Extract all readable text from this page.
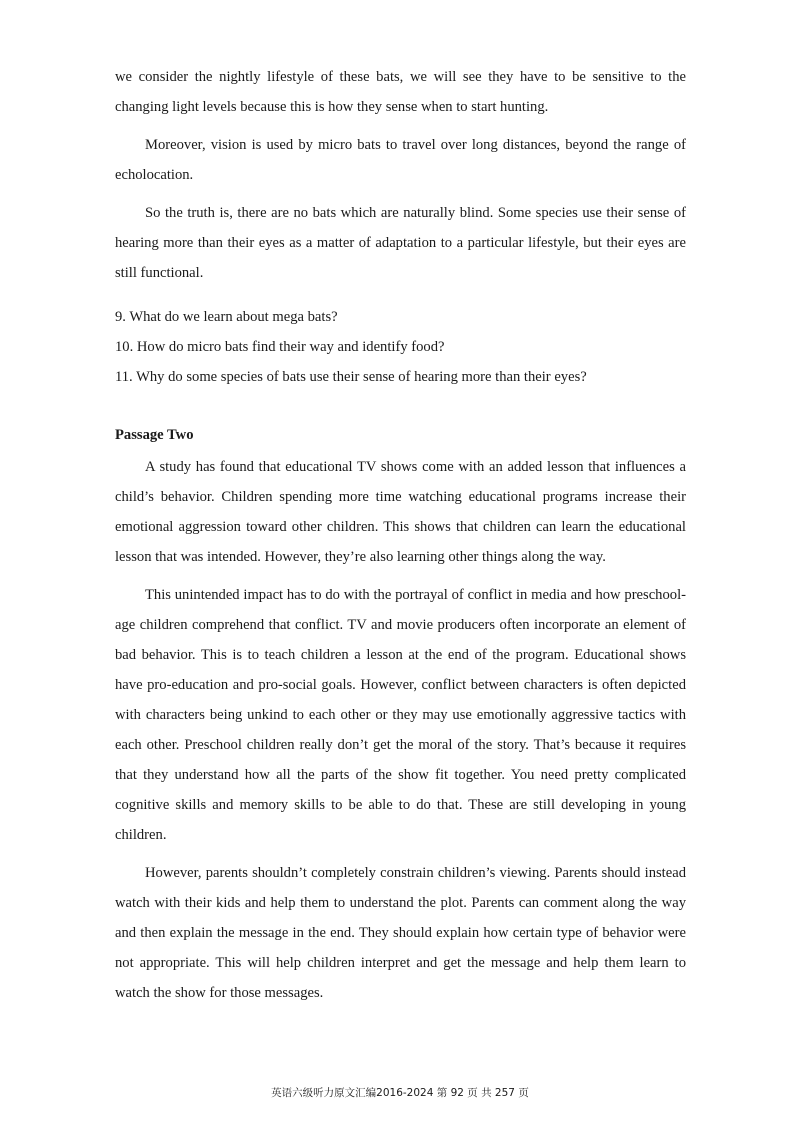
we consider the nightly lifestyle of these bats, we will see they have to be sensitive to the changing light levels because this is how they sense when to start hunting.

Moreover, vision is used by micro bats to travel over long distances, beyond the range of echolocation.

So the truth is, there are no bats which are naturally blind. Some species use their sense of hearing more than their eyes as a matter of adaptation to a particular lifestyle, but their eyes are still functional.

9. What do we learn about mega bats?

10. How do micro bats find their way and identify food?

11. Why do some species of bats use their sense of hearing more than their eyes?

Passage Two

A study has found that educational TV shows come with an added lesson that influences a child’s behavior. Children spending more time watching educational programs increase their emotional aggression toward other children. This shows that children can learn the educational lesson that was intended. However, they’re also learning other things along the way.

This unintended impact has to do with the portrayal of conflict in media and how preschool-age children comprehend that conflict. TV and movie producers often incorporate an element of bad behavior. This is to teach children a lesson at the end of the program. Educational shows have pro-education and pro-social goals. However, conflict between characters is often depicted with characters being unkind to each other or they may use emotionally aggressive tactics with each other. Preschool children really don’t get the moral of the story. That’s because it requires that they understand how all the parts of the show fit together. You need pretty complicated cognitive skills and memory skills to be able to do that. These are still developing in young children.

However, parents shouldn’t completely constrain children’s viewing. Parents should instead watch with their kids and help them to understand the plot. Parents can comment along the way and then explain the message in the end. They should explain how certain type of behavior were not appropriate. This will help children interpret and get the message and help them learn to watch the show for those messages.

英语六级听力原文汇编2016-2024 第 92 页 共 257 页
